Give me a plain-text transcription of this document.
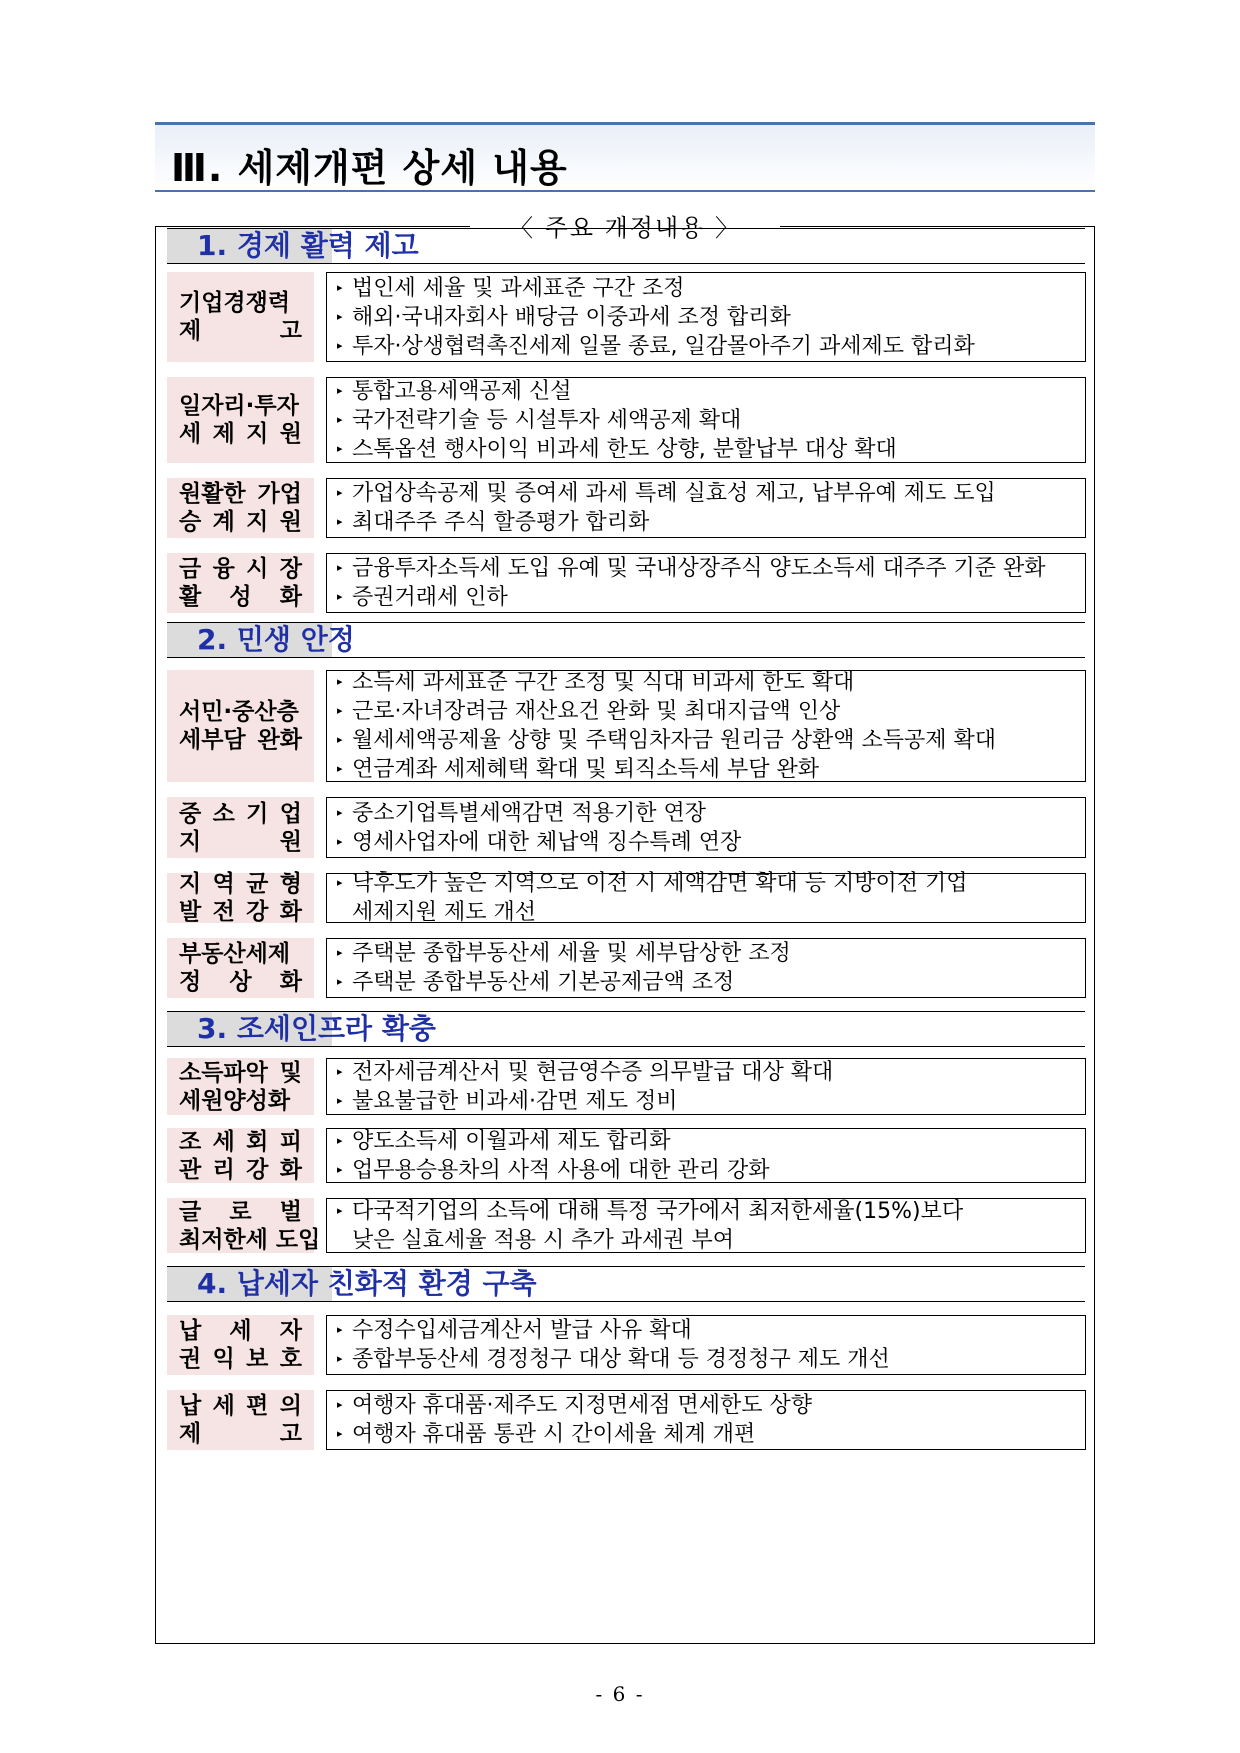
Ⅲ. 세제개편 상세 내용
〈 주요 개정내용 〉
1. 경제 활력 제고
기업경쟁력
제 고
▸ 법인세 세율 및 과세표준 구간 조정
▸ 해외·국내자회사 배당금 이중과세 조정 합리화
▸ 투자·상생협력촉진세제 일몰 종료, 일감몰아주기 과세제도 합리화
일자리·투자
세 제 지 원
▸ 통합고용세액공제 신설
▸ 국가전략기술 등 시설투자 세액공제 확대
▸ 스톡옵션 행사이익 비과세 한도 상향, 분할납부 대상 확대
원활한 가업
승 계 지 원
▸ 가업상속공제 및 증여세 과세 특례 실효성 제고, 납부유예 제도 도입
▸ 최대주주 주식 할증평가 합리화
금 융 시 장
활 성 화
▸ 금융투자소득세 도입 유예 및 국내상장주식 양도소득세 대주주 기준 완화
▸ 증권거래세 인하
2. 민생 안정
서민·중산층
세부담 완화
▸ 소득세 과세표준 구간 조정 및 식대 비과세 한도 확대
▸ 근로·자녀장려금 재산요건 완화 및 최대지급액 인상
▸ 월세세액공제율 상향 및 주택임차자금 원리금 상환액 소득공제 확대
▸ 연금계좌 세제혜택 확대 및 퇴직소득세 부담 완화
중 소 기 업
지 원
▸ 중소기업특별세액감면 적용기한 연장
▸ 영세사업자에 대한 체납액 징수특례 연장
지 역 균 형
발 전 강 화
▸ 낙후도가 높은 지역으로 이전 시 세액감면 확대 등 지방이전 기업
세제지원 제도 개선
부동산세제
정 상 화
▸ 주택분 종합부동산세 세율 및 세부담상한 조정
▸ 주택분 종합부동산세 기본공제금액 조정
3. 조세인프라 확충
소득파악 및
세원양성화
▸ 전자세금계산서 및 현금영수증 의무발급 대상 확대
▸ 불요불급한 비과세·감면 제도 정비
조 세 회 피
관 리 강 화
▸ 양도소득세 이월과세 제도 합리화
▸ 업무용승용차의 사적 사용에 대한 관리 강화
글 로 벌
최저한세 도입
▸ 다국적기업의 소득에 대해 특정 국가에서 최저한세율(15%)보다
낮은 실효세율 적용 시 추가 과세권 부여
4. 납세자 친화적 환경 구축
납 세 자
권 익 보 호
▸ 수정수입세금계산서 발급 사유 확대
▸ 종합부동산세 경정청구 대상 확대 등 경정청구 제도 개선
납 세 편 의
제 고
▸ 여행자 휴대품·제주도 지정면세점 면세한도 상향
▸ 여행자 휴대품 통관 시 간이세율 체계 개편
- 6 -
